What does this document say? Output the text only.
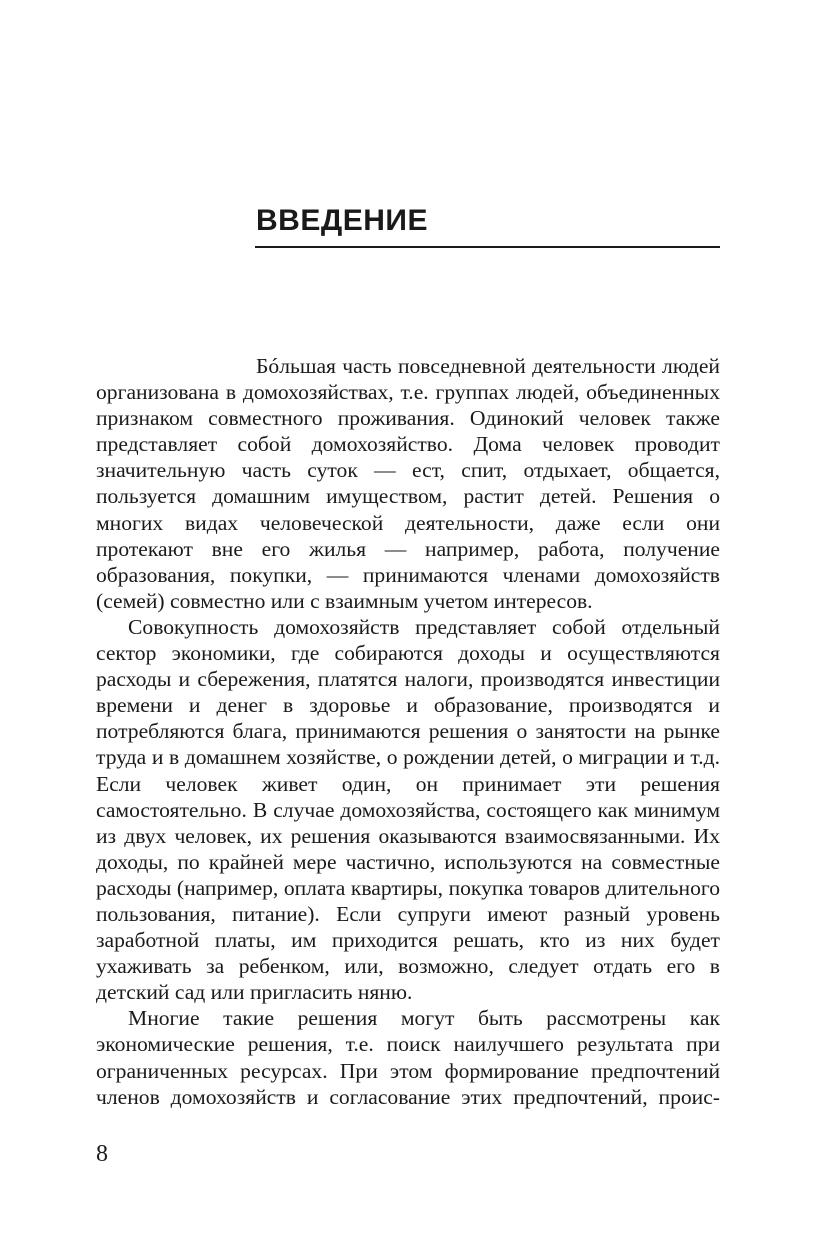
ВВЕДЕНИЕ

Бóльшая часть повседневной деятельности людей организована в домохозяйствах, т.е. группах людей, объединенных признаком совместного проживания. Одинокий человек также представляет собой домохозяйство. Дома человек проводит значительную часть суток — ест, спит, отдыхает, общается, пользуется домашним имуществом, растит детей. Решения о многих видах человеческой деятельности, даже если они протекают вне его жилья — например, работа, получение образования, покупки, — принимаются членами домохозяйств (семей) совместно или с взаимным учетом интересов.

Совокупность домохозяйств представляет собой отдельный сектор экономики, где собираются доходы и осуществляются расходы и сбережения, платятся налоги, производятся инвестиции времени и денег в здоровье и образование, производятся и потребляются блага, принимаются решения о занятости на рынке труда и в домашнем хозяйстве, о рождении детей, о миграции и т.д. Если человек живет один, он принимает эти решения самостоятельно. В случае домохозяйства, состоящего как минимум из двух человек, их решения оказываются взаимосвязанными. Их доходы, по крайней мере частично, используются на совместные расходы (например, оплата квартиры, покупка товаров длительного пользования, питание). Если супруги имеют разный уровень заработной платы, им приходится решать, кто из них будет ухаживать за ребенком, или, возможно, следует отдать его в детский сад или пригласить няню.

Многие такие решения могут быть рассмотрены как экономические решения, т.е. поиск наилучшего результата при ограниченных ресурсах. При этом формирование предпочтений членов домохозяйств и согласование этих предпочтений, проис-

8
